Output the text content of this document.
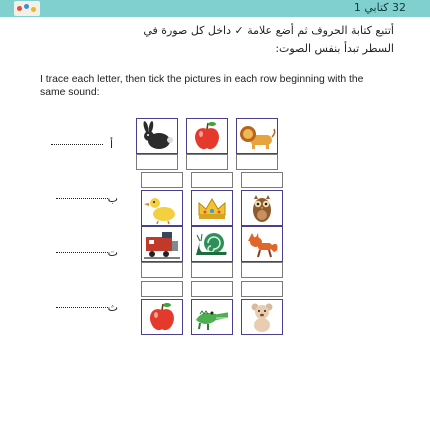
32 كتابي 1
أتتبع كتابة الحروف ثم أضع علامة ✓ داخل كل صورة في
السطر تبدأ بنفس الصوت:
I trace each letter, then tick the pictures in each row beginning with the same sound:
أ
ب
ت
ث
